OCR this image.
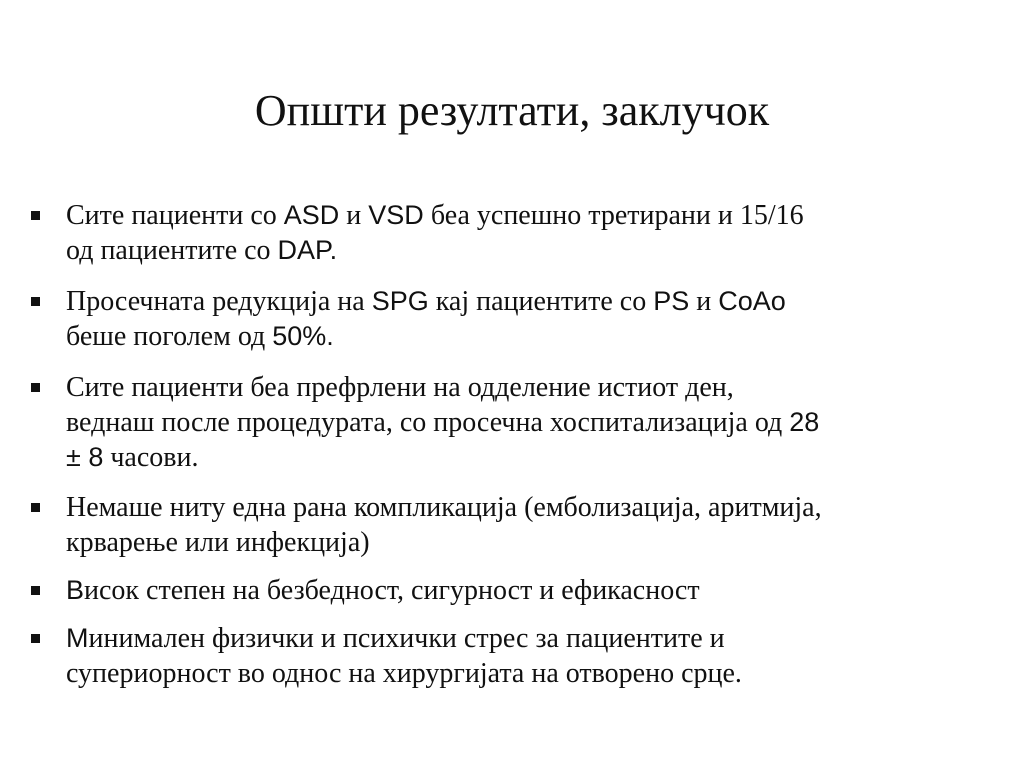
Општи резултати, заклучок
Сите пациенти со ASD и VSD беа успешно третирани и 15/16
од пациентите со DAP.
Просечната редукција на SPG кај пациентите со PS и CoAo
беше поголем од 50%.
Сите пациенти беа префрлени на одделение истиот ден,
веднаш после процедурата, со просечна хоспитализација од 28
± 8 часови.
Немаше ниту една рана компликација (емболизација, аритмија,
крварење или инфекција)
Висок степен на безбедност, сигурност и ефикасност
Минимален физички и психички стрес за пациентите и
супериорност во однос на хирургијата на отворено срце.
